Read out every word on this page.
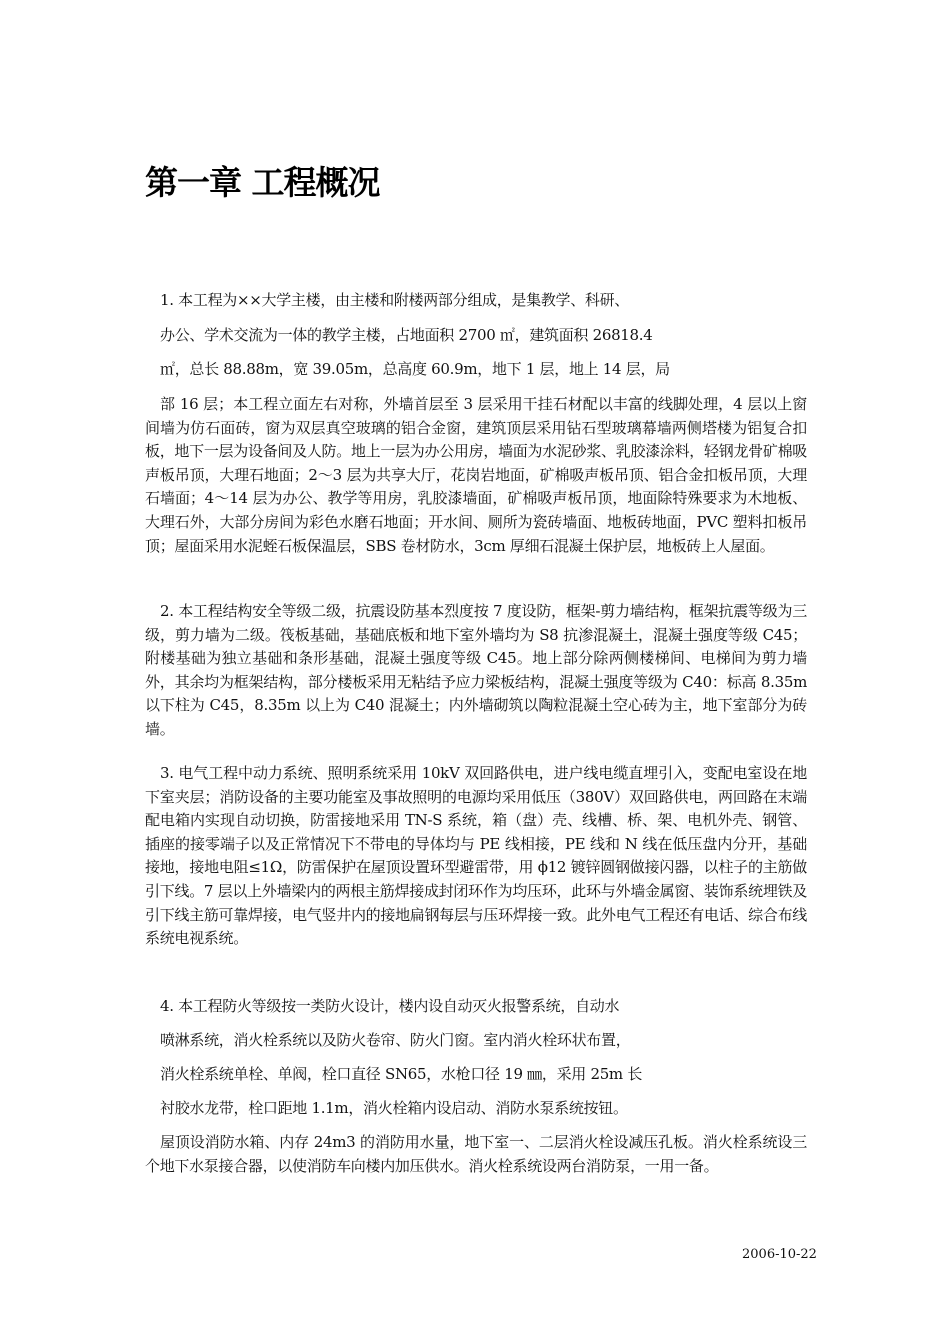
第一章 工程概况

1. 本工程为××大学主楼，由主楼和附楼两部分组成，是集教学、科研、

办公、学术交流为一体的教学主楼，占地面积 2700 ㎡，建筑面积 26818.4

㎡，总长 88.88m，宽 39.05m，总高度 60.9m，地下 1 层，地上 14 层，局

部 16 层；本工程立面左右对称，外墙首层至 3 层采用干挂石材配以丰富的线脚处理，4 层以上窗间墙为仿石面砖，窗为双层真空玻璃的铝合金窗，建筑顶层采用钻石型玻璃幕墙两侧塔楼为铝复合扣板，地下一层为设备间及人防。地上一层为办公用房，墙面为水泥砂浆、乳胶漆涂料，轻钢龙骨矿棉吸声板吊顶，大理石地面；2～3 层为共享大厅，花岗岩地面，矿棉吸声板吊顶、铝合金扣板吊顶，大理石墙面；4～14 层为办公、教学等用房，乳胶漆墙面，矿棉吸声板吊顶，地面除特殊要求为木地板、大理石外，大部分房间为彩色水磨石地面；开水间、厕所为瓷砖墙面、地板砖地面，PVC 塑料扣板吊顶；屋面采用水泥蛭石板保温层，SBS 卷材防水，3cm 厚细石混凝土保护层，地板砖上人屋面。

2. 本工程结构安全等级二级，抗震设防基本烈度按 7 度设防，框架-剪力墙结构，框架抗震等级为三级，剪力墙为二级。筏板基础，基础底板和地下室外墙均为 S8 抗渗混凝土，混凝土强度等级 C45；附楼基础为独立基础和条形基础，混凝土强度等级 C45。地上部分除两侧楼梯间、电梯间为剪力墙外，其余均为框架结构，部分楼板采用无粘结予应力梁板结构，混凝土强度等级为 C40：标高 8.35m 以下柱为 C45，8.35m 以上为 C40 混凝土；内外墙砌筑以陶粒混凝土空心砖为主，地下室部分为砖墙。

3. 电气工程中动力系统、照明系统采用 10kV 双回路供电，进户线电缆直埋引入，变配电室设在地下室夹层；消防设备的主要功能室及事故照明的电源均采用低压（380V）双回路供电，两回路在末端配电箱内实现自动切换，防雷接地采用 TN-S 系统，箱（盘）壳、线槽、桥、架、电机外壳、钢管、插座的接零端子以及正常情况下不带电的导体均与 PE 线相接，PE 线和 N 线在低压盘内分开，基础接地，接地电阻≤1Ω，防雷保护在屋顶设置环型避雷带，用 ϕ12 镀锌圆钢做接闪器，以柱子的主筋做引下线。7 层以上外墙梁内的两根主筋焊接成封闭环作为均压环，此环与外墙金属窗、装饰系统埋铁及引下线主筋可靠焊接，电气竖井内的接地扁钢每层与压环焊接一致。此外电气工程还有电话、综合布线系统电视系统。

4. 本工程防火等级按一类防火设计，楼内设自动灭火报警系统，自动水

喷淋系统，消火栓系统以及防火卷帘、防火门窗。室内消火栓环状布置，

消火栓系统单栓、单阀，栓口直径 SN65，水枪口径 19 ㎜，采用 25m 长

衬胶水龙带，栓口距地 1.1m，消火栓箱内设启动、消防水泵系统按钮。

屋顶设消防水箱、内存 24m3 的消防用水量，地下室一、二层消火栓设减压孔板。消火栓系统设三个地下水泵接合器，以使消防车向楼内加压供水。消火栓系统设两台消防泵，一用一备。

2006-10-22
